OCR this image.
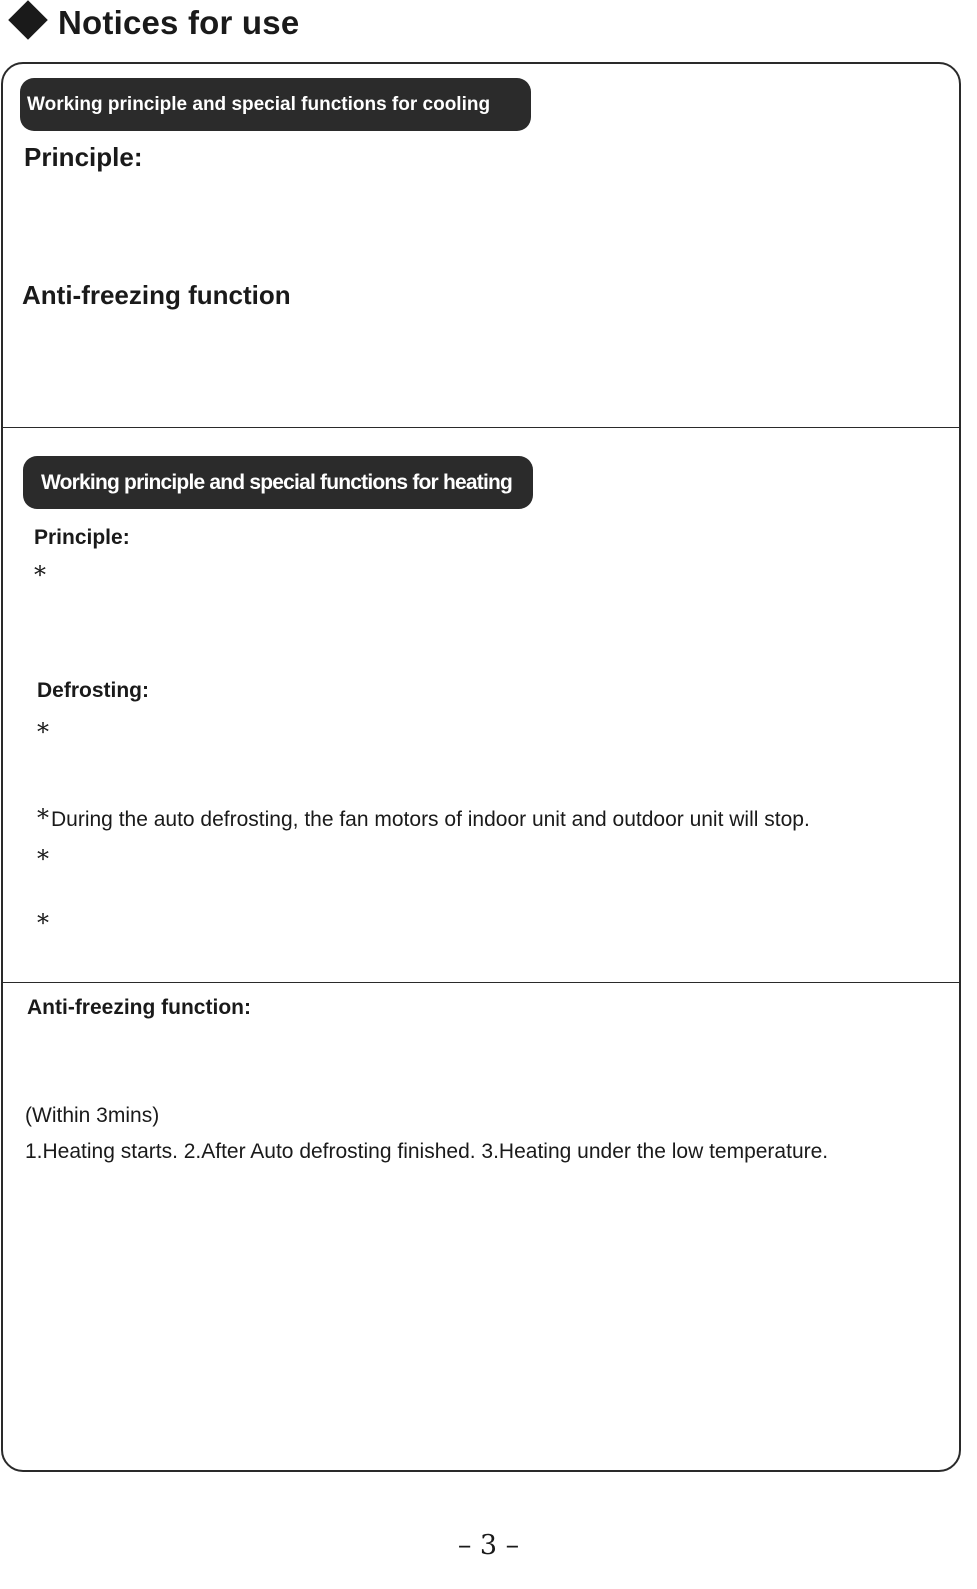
Notices for use
Working principle and special functions for cooling
Principle:
Anti-freezing function
Working principle and special functions for heating
Principle:
*
Defrosting:
*
*During the auto defrosting, the fan motors of indoor unit and outdoor unit will stop.
*
*
Anti-freezing function:
(Within 3mins)
1.Heating starts. 2.After Auto defrosting finished. 3.Heating under the low temperature.
– 3 –
